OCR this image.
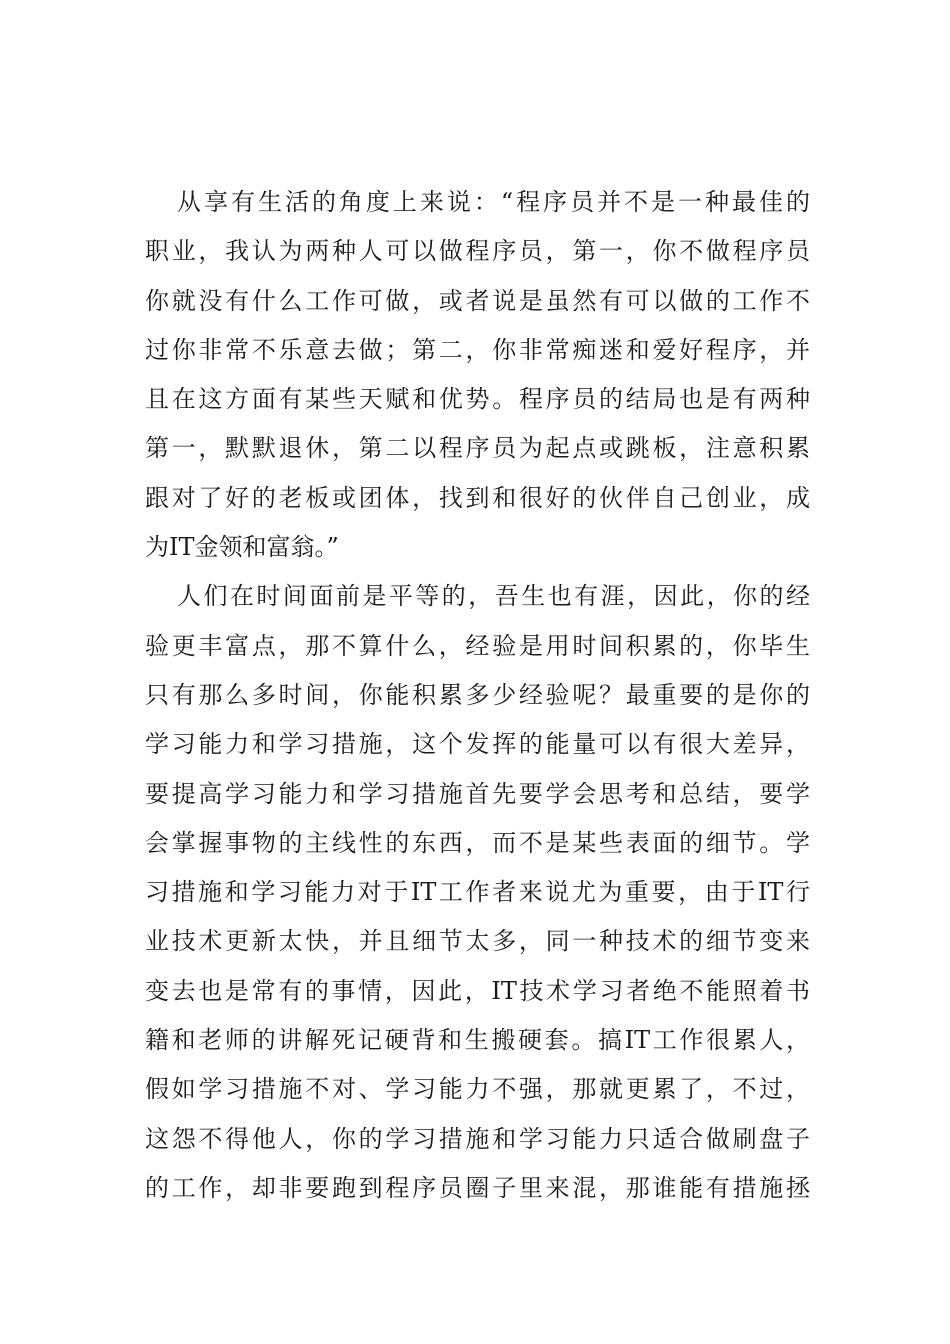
从享有生活的角度上来说：“程序员并不是一种最佳的
职业，我认为两种人可以做程序员，第一，你不做程序员
你就没有什么工作可做，或者说是虽然有可以做的工作不
过你非常不乐意去做；第二，你非常痴迷和爱好程序，并
且在这方面有某些天赋和优势。程序员的结局也是有两种
第一，默默退休，第二以程序员为起点或跳板，注意积累
跟对了好的老板或团体，找到和很好的伙伴自己创业，成
为IT金领和富翁。”
人们在时间面前是平等的，吾生也有涯，因此，你的经
验更丰富点，那不算什么，经验是用时间积累的，你毕生
只有那么多时间，你能积累多少经验呢？最重要的是你的
学习能力和学习措施，这个发挥的能量可以有很大差异，
要提高学习能力和学习措施首先要学会思考和总结，要学
会掌握事物的主线性的东西，而不是某些表面的细节。学
习措施和学习能力对于IT工作者来说尤为重要，由于IT行
业技术更新太快，并且细节太多，同一种技术的细节变来
变去也是常有的事情，因此，IT技术学习者绝不能照着书
籍和老师的讲解死记硬背和生搬硬套。搞IT工作很累人，
假如学习措施不对、学习能力不强，那就更累了，不过，
这怨不得他人，你的学习措施和学习能力只适合做刷盘子
的工作，却非要跑到程序员圈子里来混，那谁能有措施拯
